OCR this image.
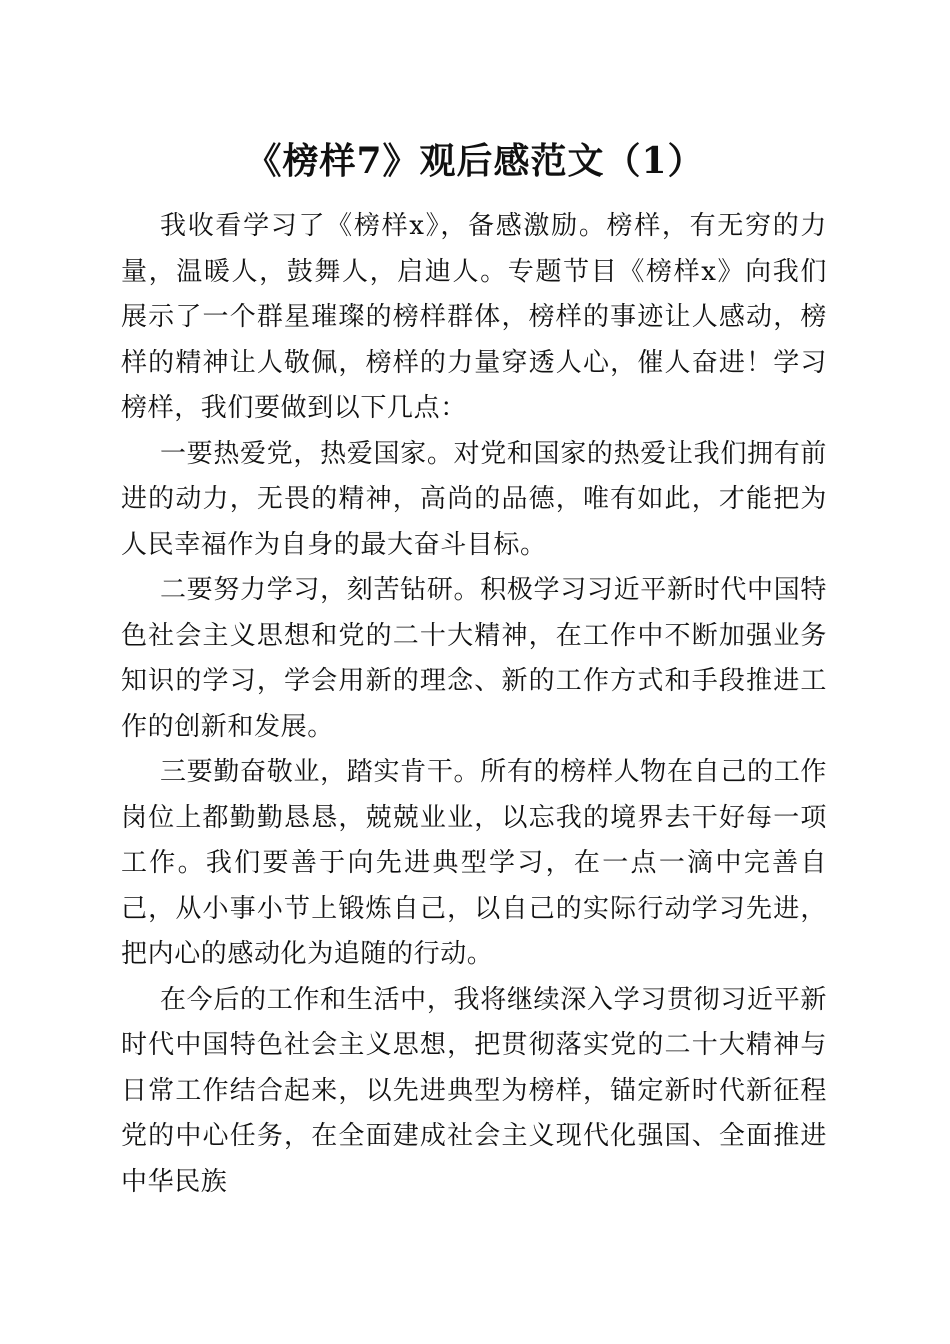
《榜样7》观后感范文（1）

我收看学习了《榜样x》，备感激励。榜样，有无穷的力量，温暖人，鼓舞人，启迪人。专题节目《榜样x》向我们展示了一个群星璀璨的榜样群体，榜样的事迹让人感动，榜样的精神让人敬佩，榜样的力量穿透人心，催人奋进！学习榜样，我们要做到以下几点：

一要热爱党，热爱国家。对党和国家的热爱让我们拥有前进的动力，无畏的精神，高尚的品德，唯有如此，才能把为人民幸福作为自身的最大奋斗目标。

二要努力学习，刻苦钻研。积极学习习近平新时代中国特色社会主义思想和党的二十大精神，在工作中不断加强业务知识的学习，学会用新的理念、新的工作方式和手段推进工作的创新和发展。

三要勤奋敬业，踏实肯干。所有的榜样人物在自己的工作岗位上都勤勤恳恳，兢兢业业，以忘我的境界去干好每一项工作。我们要善于向先进典型学习，在一点一滴中完善自己，从小事小节上锻炼自己，以自己的实际行动学习先进，把内心的感动化为追随的行动。

在今后的工作和生活中，我将继续深入学习贯彻习近平新时代中国特色社会主义思想，把贯彻落实党的二十大精神与日常工作结合起来，以先进典型为榜样，锚定新时代新征程党的中心任务，在全面建成社会主义现代化强国、全面推进中华民族
